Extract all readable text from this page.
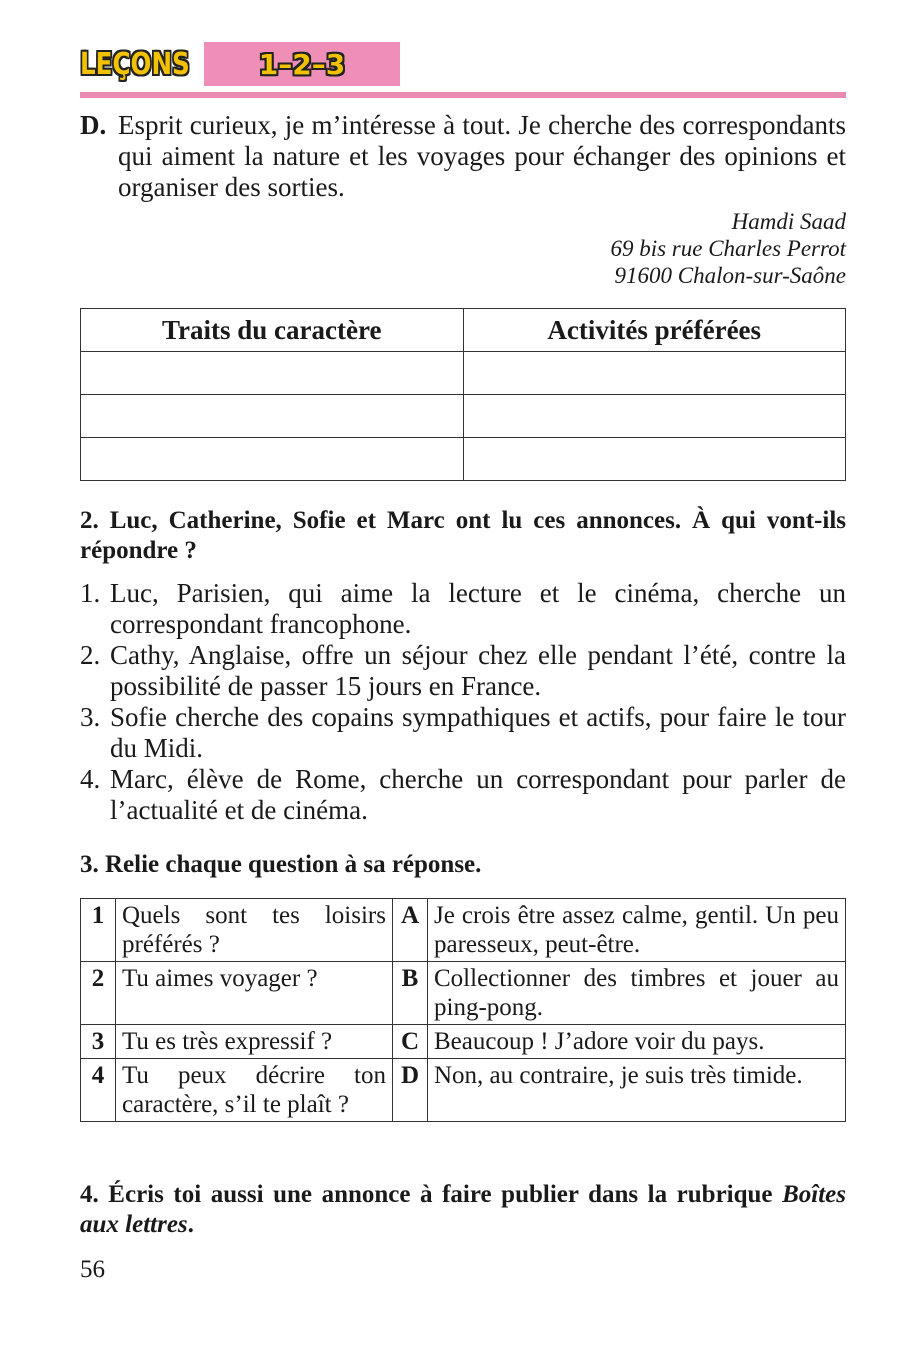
LEÇONS	1–2–3
D. Esprit curieux, je m’intéresse à tout. Je cherche des correspondants qui aiment la nature et les voyages pour échanger des opinions et organiser des sorties.
Hamdi Saad
69 bis rue Charles Perrot
91600 Chalon-sur-Saône
Traits du caractère	Activités préférées

2. Luc, Catherine, Sofie et Marc ont lu ces annonces. À qui vont-ils répondre ?
1. Luc, Parisien, qui aime la lecture et le cinéma, cherche un correspondant francophone.
2. Cathy, Anglaise, offre un séjour chez elle pendant l’été, contre la possibilité de passer 15 jours en France.
3. Sofie cherche des copains sympathiques et actifs, pour faire le tour du Midi.
4. Marc, élève de Rome, cherche un correspondant pour parler de l’actualité et de cinéma.
3. Relie chaque question à sa réponse.
1	Quels sont tes loisirs préférés ?	A	Je crois être assez calme, gentil. Un peu paresseux, peut-être.
2	Tu aimes voyager ?	B	Collectionner des timbres et jouer au ping-pong.
3	Tu es très expressif ?	C	Beaucoup ! J’adore voir du pays.
4	Tu peux décrire ton caractère, s’il te plaît ?	D	Non, au contraire, je suis très timide.
4. Écris toi aussi une annonce à faire publier dans la rubrique Boîtes aux lettres.
56
